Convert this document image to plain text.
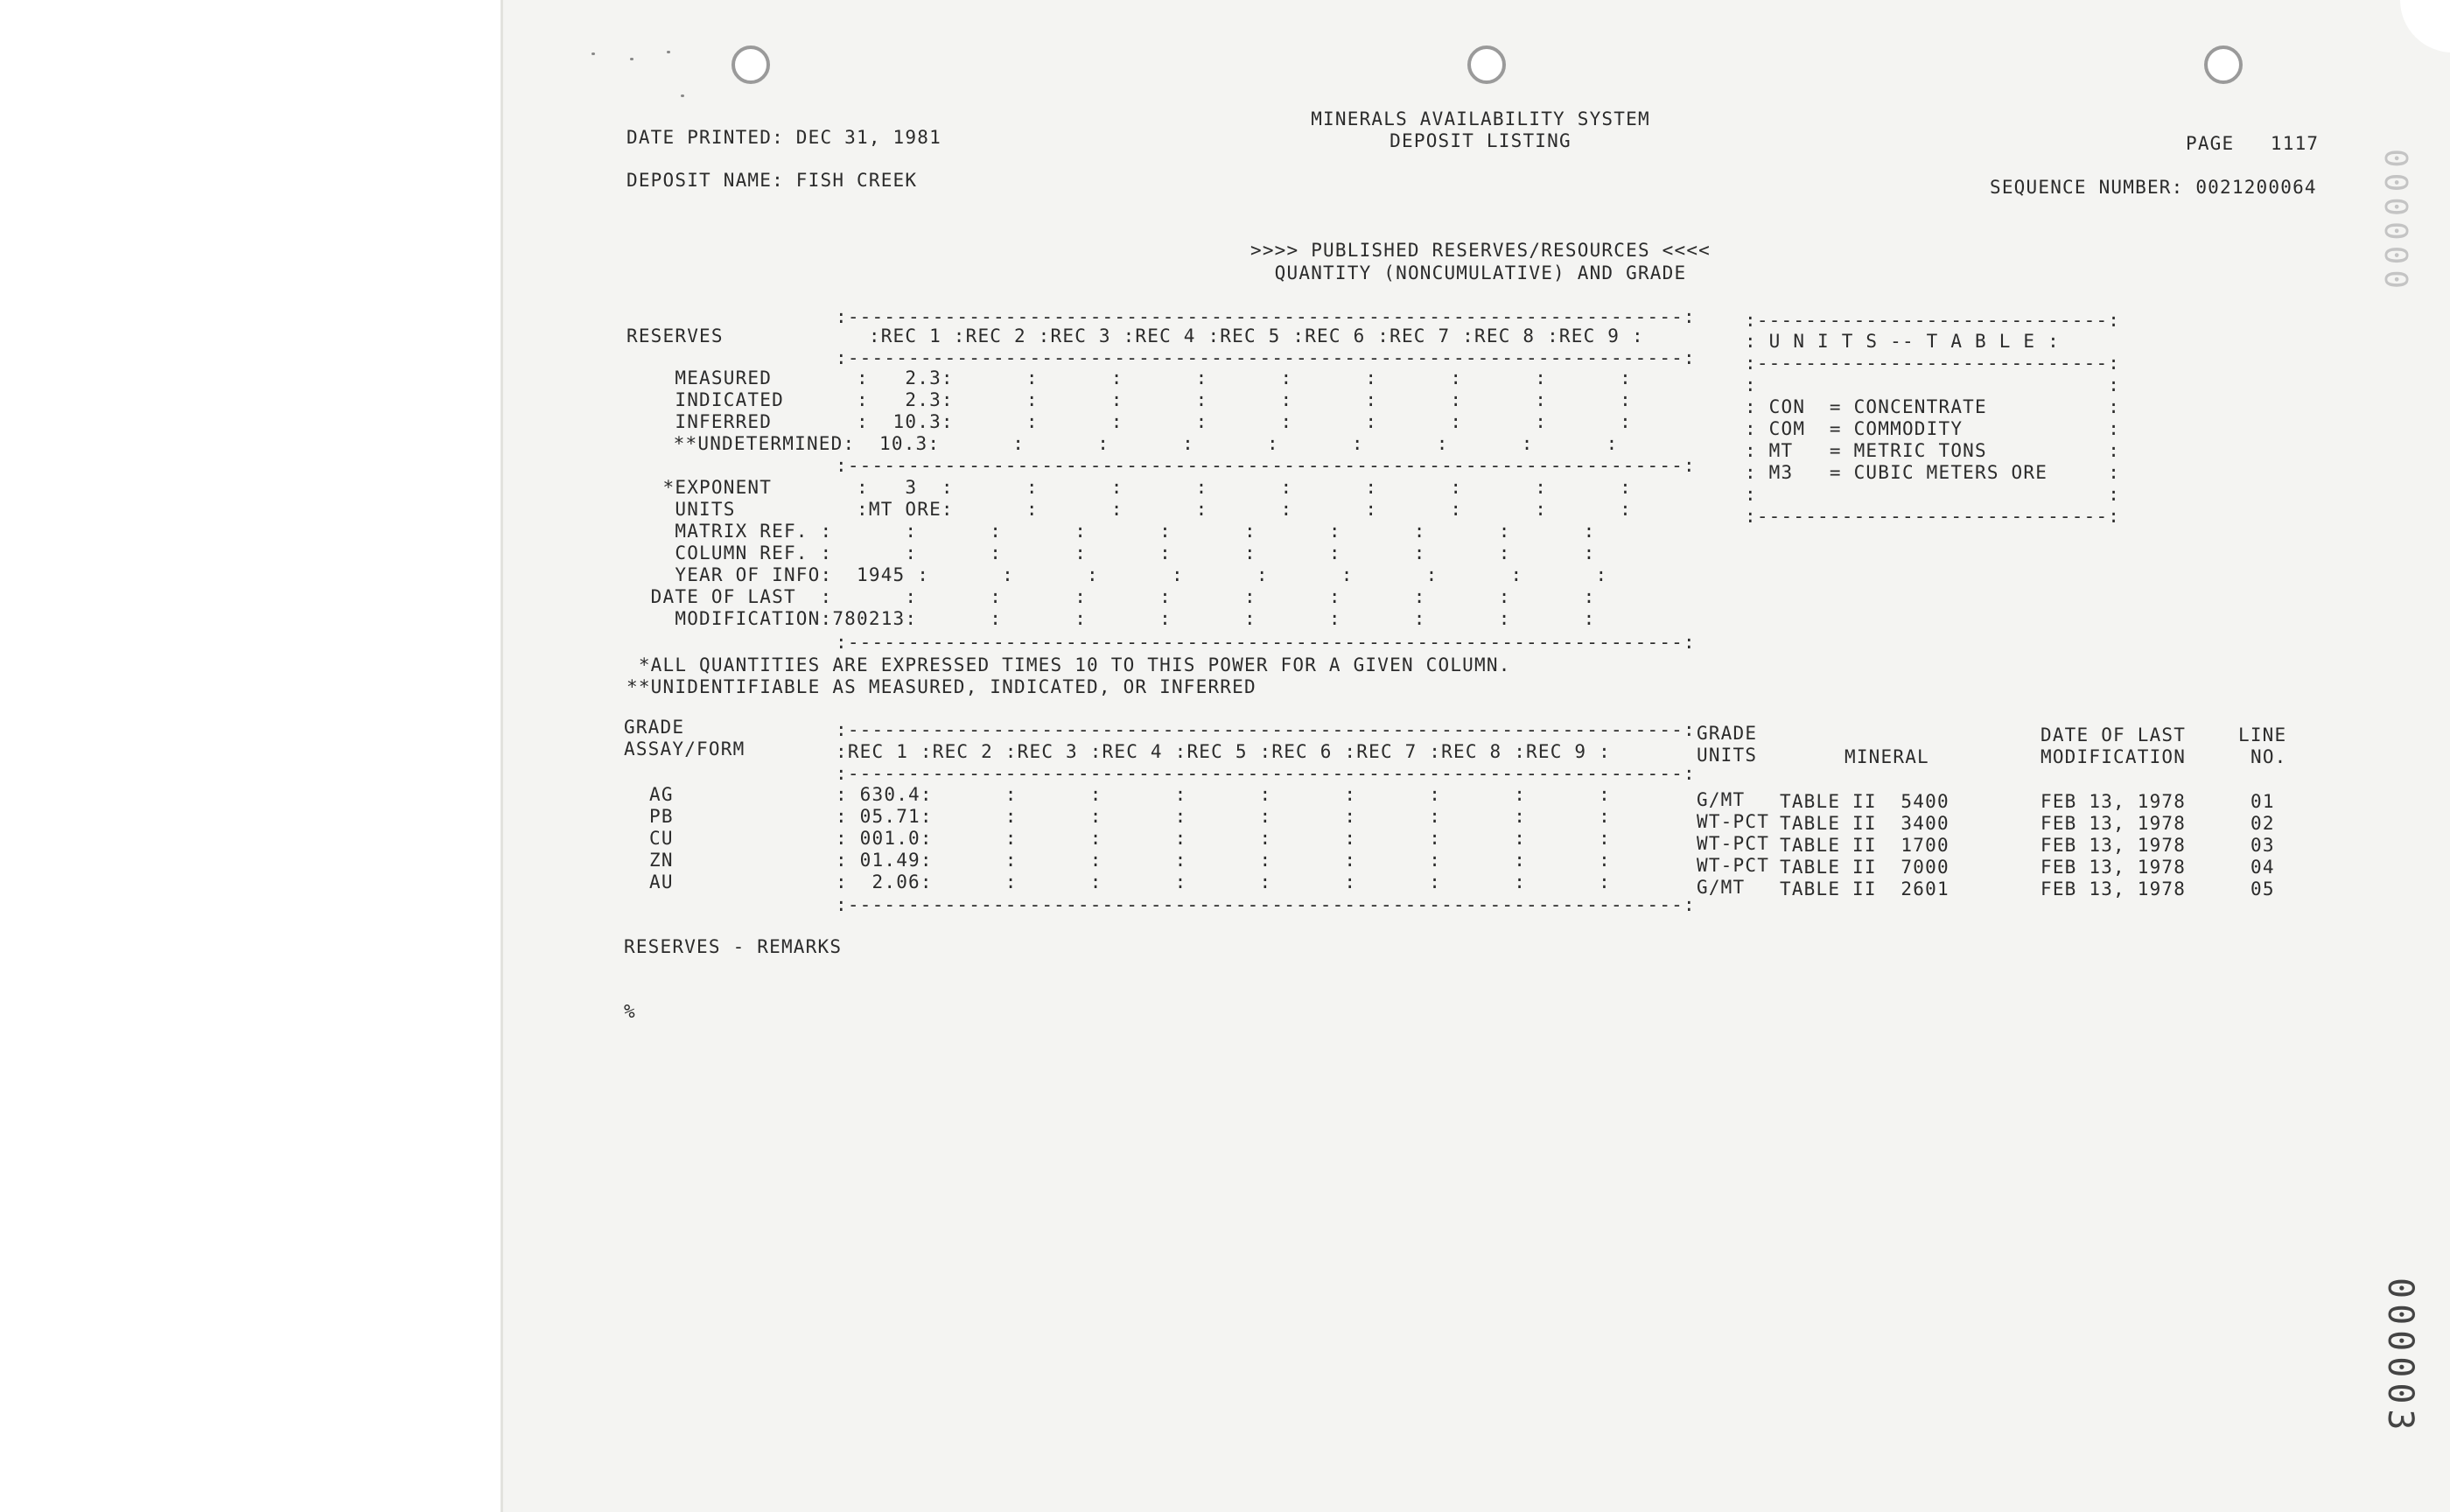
MINERALS AVAILABILITY SYSTEM
DEPOSIT LISTING
DATE PRINTED: DEC 31, 1981	PAGE   1117
DEPOSIT NAME: FISH CREEK	SEQUENCE NUMBER: 0021200064
>>>> PUBLISHED RESERVES/RESOURCES <<<<
QUANTITY (NONCUMULATIVE) AND GRADE
:---------------------------------------------------------------------:
RESERVES            :REC 1 :REC 2 :REC 3 :REC 4 :REC 5 :REC 6 :REC 7 :REC 8 :REC 9 :
:---------------------------------------------------------------------:
MEASURED       :   2.3:      :      :      :      :      :      :      :      :
INDICATED      :   2.3:      :      :      :      :      :      :      :      :
INFERRED       :  10.3:      :      :      :      :      :      :      :      :
**UNDETERMINED:  10.3:      :      :      :      :      :      :      :      :
:---------------------------------------------------------------------:
*EXPONENT       :   3  :      :      :      :      :      :      :      :      :
UNITS          :MT ORE:      :      :      :      :      :      :      :      :
MATRIX REF. :      :      :      :      :      :      :      :      :      :
COLUMN REF. :      :      :      :      :      :      :      :      :      :
YEAR OF INFO:  1945 :      :      :      :      :      :      :      :      :
DATE OF LAST  :      :      :      :      :      :      :      :      :      :
MODIFICATION:780213:      :      :      :      :      :      :      :      :
:---------------------------------------------------------------------:
:-----------------------------:
: U N I T S -- T A B L E :
:-----------------------------:
:                             :
: CON  = CONCENTRATE          :
: COM  = COMMODITY            :
: MT   = METRIC TONS          :
: M3   = CUBIC METERS ORE     :
:                             :
:-----------------------------:
*ALL QUANTITIES ARE EXPRESSED TIMES 10 TO THIS POWER FOR A GIVEN COLUMN.
**UNIDENTIFIABLE AS MEASURED, INDICATED, OR INFERRED
GRADE
ASSAY/FORM
:---------------------------------------------------------------------:
:REC 1 :REC 2 :REC 3 :REC 4 :REC 5 :REC 6 :REC 7 :REC 8 :REC 9 :
:---------------------------------------------------------------------:
GRADE
UNITS	MINERAL
DATE OF LAST
MODIFICATION
LINE
NO.
AG	: 630.4:      :      :      :      :      :      :      :      :	G/MT TABLE II  5400	FEB 13, 1978	01
PB	: 05.71:      :      :      :      :      :      :      :      :	WT-PCT TABLE II  3400	FEB 13, 1978	02
CU	: 001.0:      :      :      :      :      :      :      :      :	WT-PCT TABLE II  1700	FEB 13, 1978	03
ZN	: 01.49:      :      :      :      :      :      :      :      :	WT-PCT TABLE II  7000	FEB 13, 1978	04
AU	:  2.06:      :      :      :      :      :      :      :      :	G/MT TABLE II  2601	FEB 13, 1978	05
:---------------------------------------------------------------------:
RESERVES - REMARKS
%
000000
000003
